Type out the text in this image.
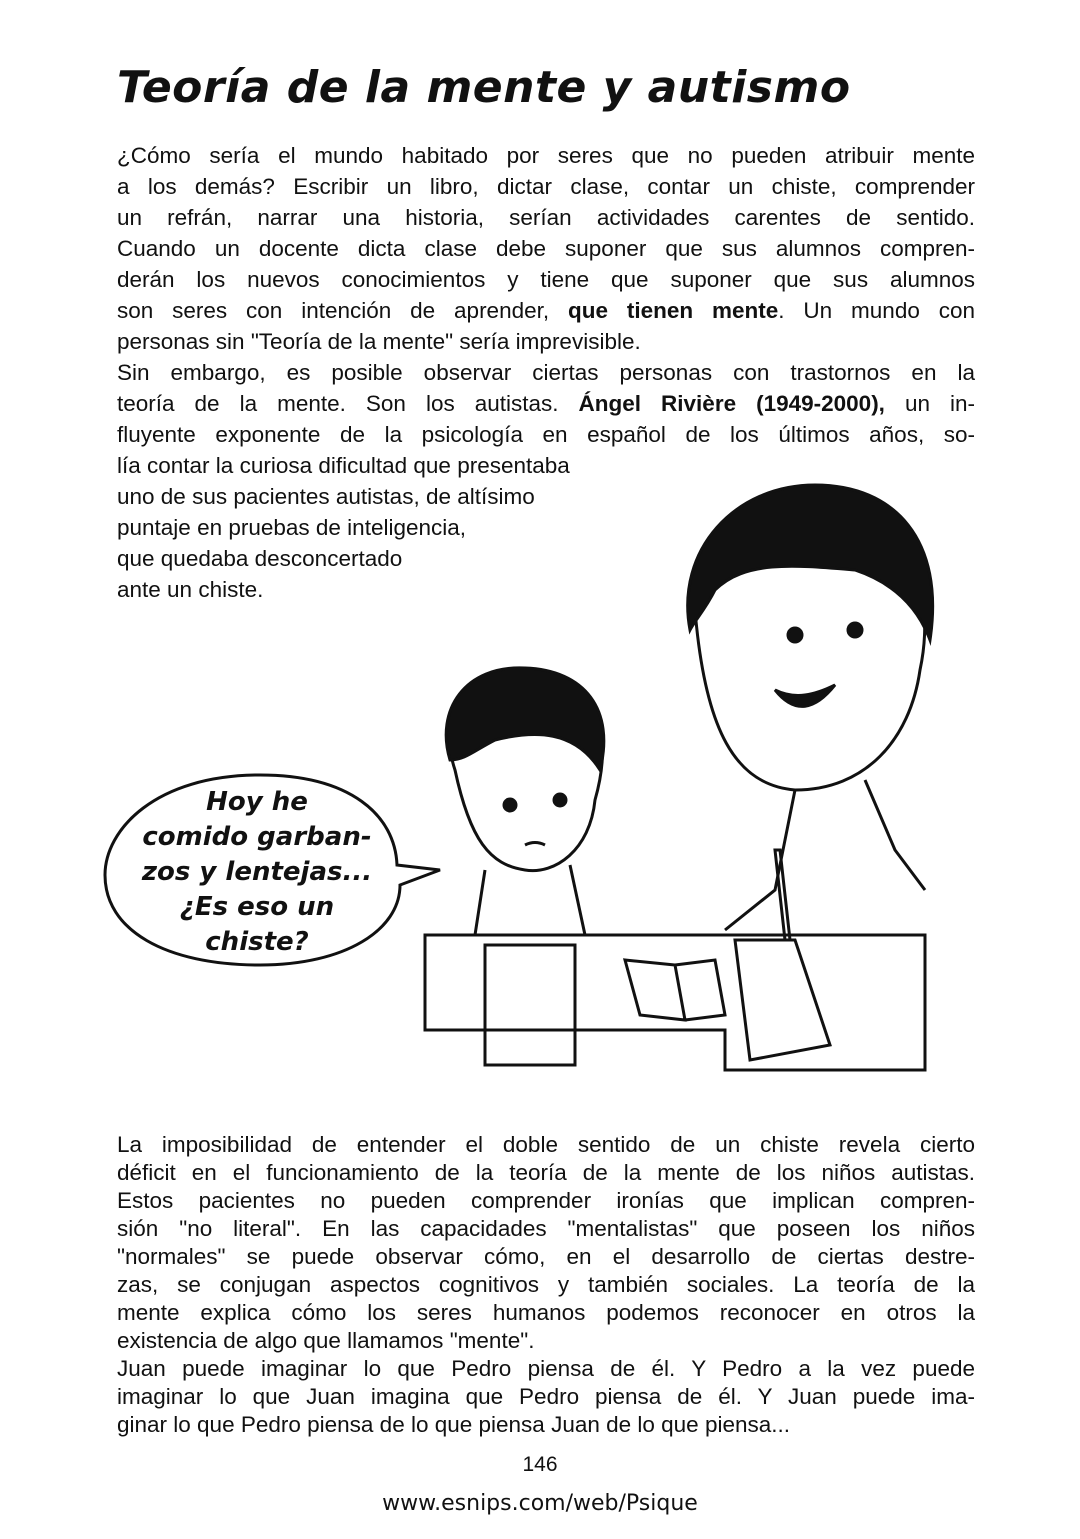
Teoría de la mente y autismo
¿Cómo sería el mundo habitado por seres que no pueden atribuir mente
a los demás? Escribir un libro, dictar clase, contar un chiste, comprender
un refrán, narrar una historia, serían actividades carentes de sentido.
Cuando un docente dicta clase debe suponer que sus alumnos compren-
derán los nuevos conocimientos y tiene que suponer que sus alumnos
son seres con intención de aprender, que tienen mente. Un mundo con
personas sin "Teoría de la mente" sería imprevisible.
Sin embargo, es posible observar ciertas personas con trastornos en la
teoría de la mente. Son los autistas. Ángel Rivière (1949-2000), un in-
fluyente exponente de la psicología en español de los últimos años, so-
lía contar la curiosa dificultad que presentaba
uno de sus pacientes autistas, de altísimo
puntaje en pruebas de inteligencia,
que quedaba desconcertado
ante un chiste.
Hoy he
comido garban-
zos y lentejas...
¿Es eso un
chiste?
La imposibilidad de entender el doble sentido de un chiste revela cierto
déficit en el funcionamiento de la teoría de la mente de los niños autistas.
Estos pacientes no pueden comprender ironías que implican compren-
sión "no literal". En las capacidades "mentalistas" que poseen los niños
"normales" se puede observar cómo, en el desarrollo de ciertas destre-
zas, se conjugan aspectos cognitivos y también sociales. La teoría de la
mente explica cómo los seres humanos podemos reconocer en otros la
existencia de algo que llamamos "mente".
Juan puede imaginar lo que Pedro piensa de él. Y Pedro a la vez puede
imaginar lo que Juan imagina que Pedro piensa de él. Y Juan puede ima-
ginar lo que Pedro piensa de lo que piensa Juan de lo que piensa...
146
www.esnips.com/web/Psique
